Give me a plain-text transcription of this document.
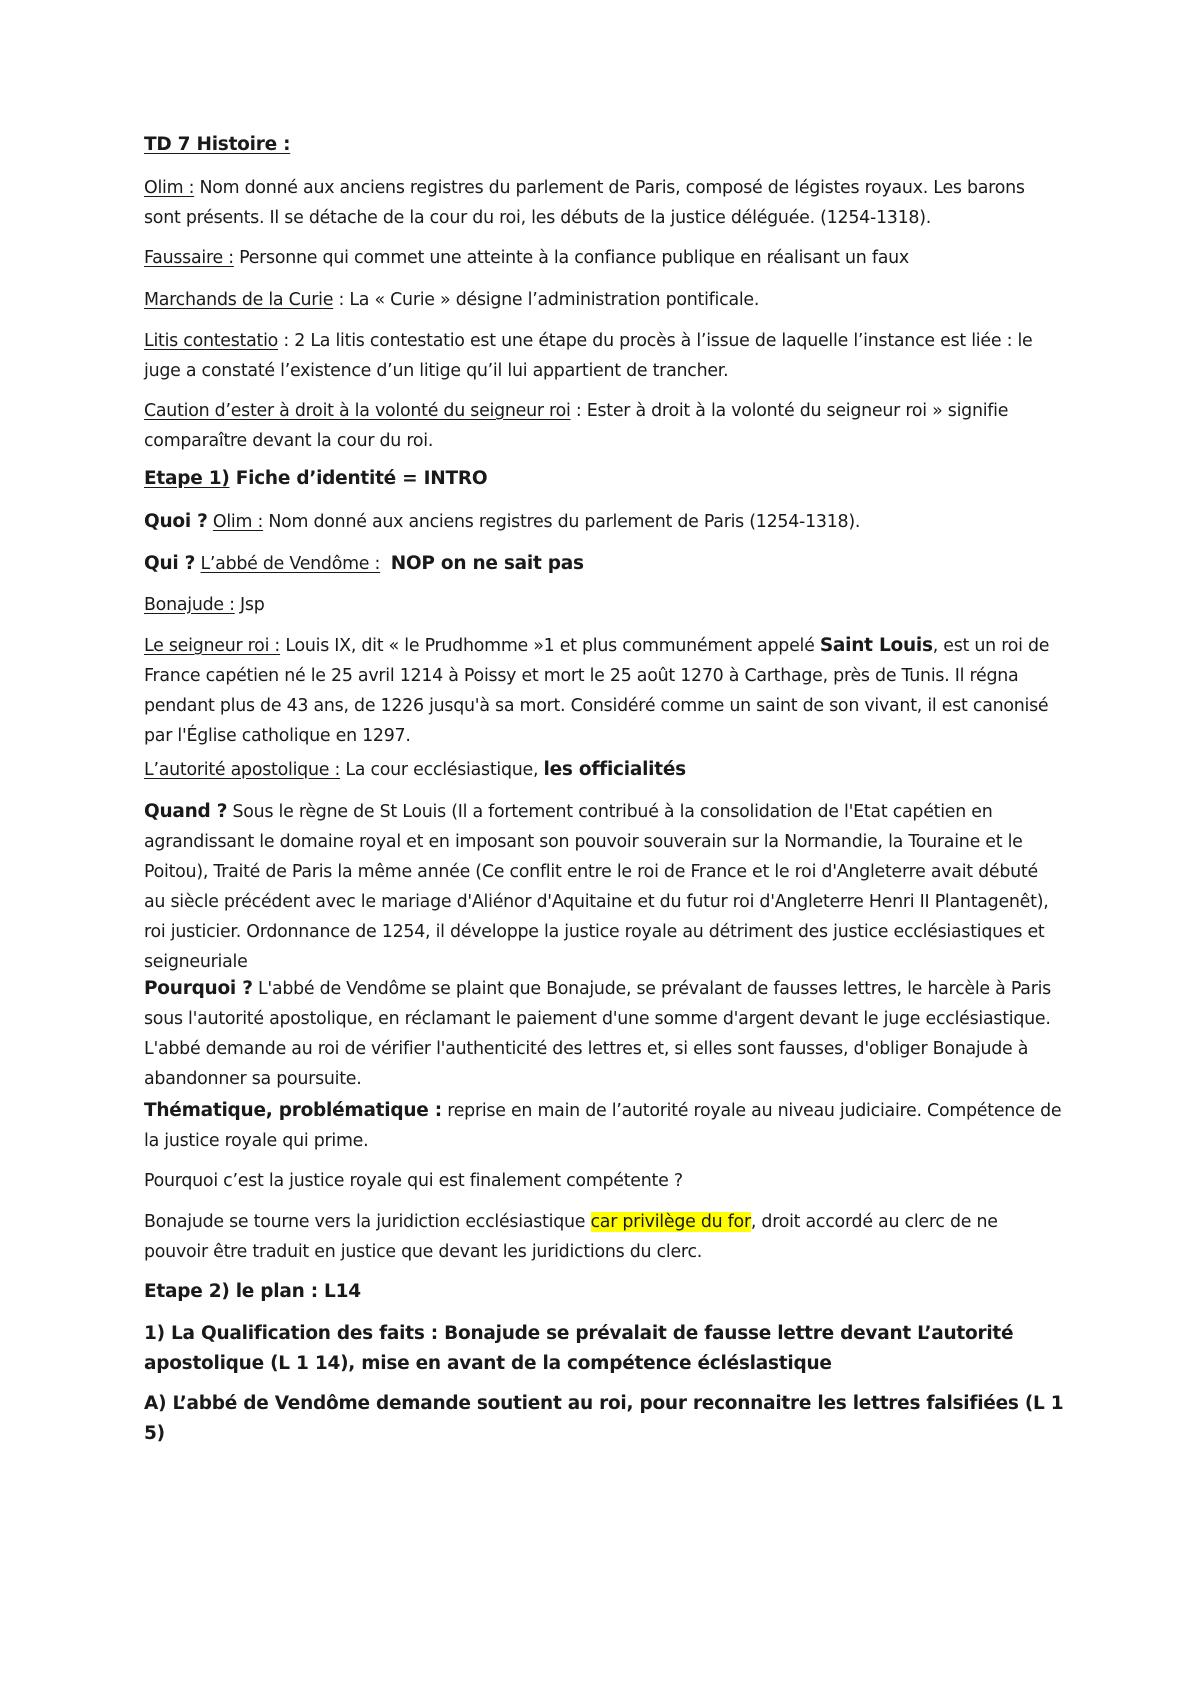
TD 7 Histoire :

Olim : Nom donné aux anciens registres du parlement de Paris, composé de légistes royaux. Les barons sont présents. Il se détache de la cour du roi, les débuts de la justice déléguée. (1254-1318).

Faussaire : Personne qui commet une atteinte à la confiance publique en réalisant un faux

Marchands de la Curie : La « Curie » désigne l’administration pontificale.

Litis contestatio : 2 La litis contestatio est une étape du procès à l’issue de laquelle l’instance est liée : le juge a constaté l’existence d’un litige qu’il lui appartient de trancher.

Caution d’ester à droit à la volonté du seigneur roi : Ester à droit à la volonté du seigneur roi » signifie comparaître devant la cour du roi.

Etape 1) Fiche d’identité = INTRO

Quoi ? Olim : Nom donné aux anciens registres du parlement de Paris (1254-1318).

Qui ? L’abbé de Vendôme : NOP on ne sait pas

Bonajude : Jsp

Le seigneur roi : Louis IX, dit « le Prudhomme »1 et plus communément appelé Saint Louis, est un roi de France capétien né le 25 avril 1214 à Poissy et mort le 25 août 1270 à Carthage, près de Tunis. Il régna pendant plus de 43 ans, de 1226 jusqu'à sa mort. Considéré comme un saint de son vivant, il est canonisé par l'Église catholique en 1297.

L’autorité apostolique : La cour ecclésiastique, les officialités

Quand ? Sous le règne de St Louis (Il a fortement contribué à la consolidation de l'Etat capétien en agrandissant le domaine royal et en imposant son pouvoir souverain sur la Normandie, la Touraine et le Poitou), Traité de Paris la même année (Ce conflit entre le roi de France et le roi d'Angleterre avait débuté au siècle précédent avec le mariage d'Aliénor d'Aquitaine et du futur roi d'Angleterre Henri II Plantagenêt), roi justicier. Ordonnance de 1254, il développe la justice royale au détriment des justice ecclésiastiques et seigneuriale

Pourquoi ? L'abbé de Vendôme se plaint que Bonajude, se prévalant de fausses lettres, le harcèle à Paris sous l'autorité apostolique, en réclamant le paiement d'une somme d'argent devant le juge ecclésiastique. L'abbé demande au roi de vérifier l'authenticité des lettres et, si elles sont fausses, d'obliger Bonajude à abandonner sa poursuite.

Thématique, problématique : reprise en main de l’autorité royale au niveau judiciaire. Compétence de la justice royale qui prime.

Pourquoi c’est la justice royale qui est finalement compétente ?

Bonajude se tourne vers la juridiction ecclésiastique car privilège du for, droit accordé au clerc de ne pouvoir être traduit en justice que devant les juridictions du clerc.

Etape 2) le plan : L14

1) La Qualification des faits : Bonajude se prévalait de fausse lettre devant L’autorité apostolique (L 1 14), mise en avant de la compétence écléslastique

A) L’abbé de Vendôme demande soutient au roi, pour reconnaitre les lettres falsifiées (L 1 5)
